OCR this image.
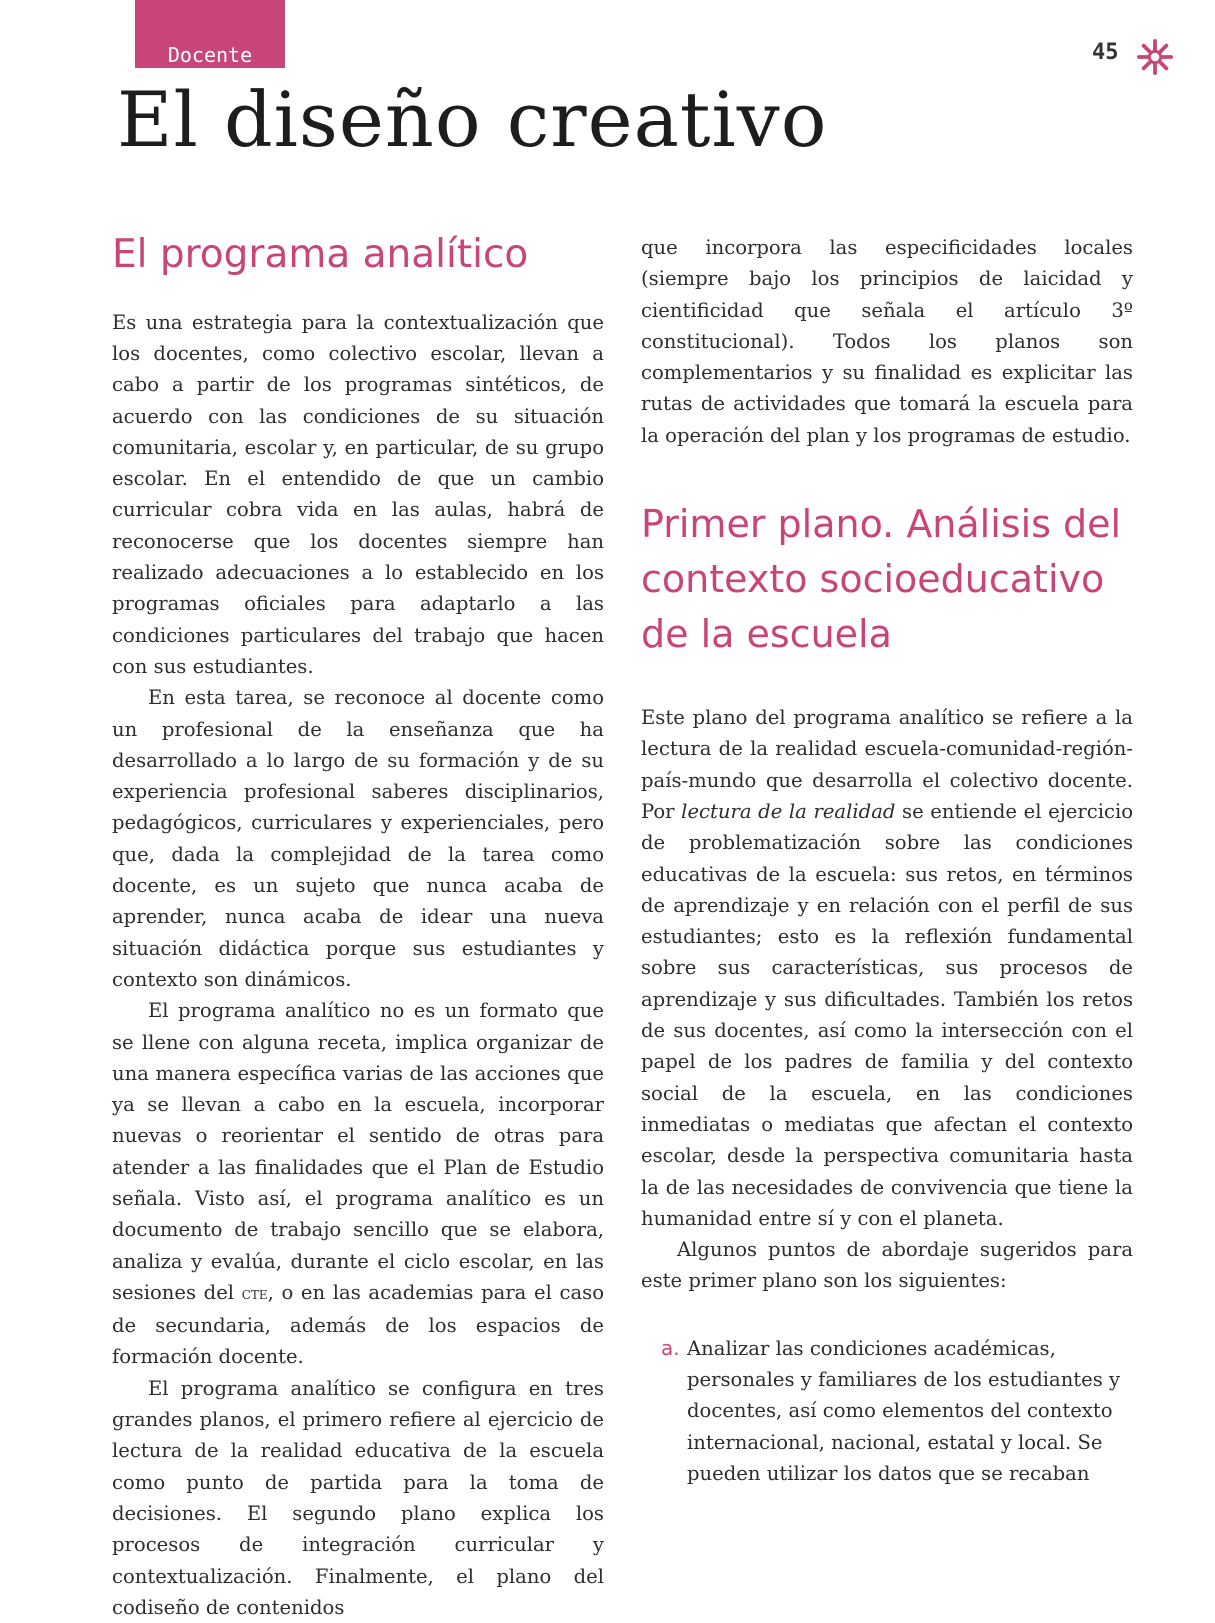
Docente	45
El diseño creativo
El programa analítico

Es una estrategia para la contextualización que los docentes, como colectivo escolar, llevan a cabo a partir de los programas sintéticos, de acuerdo con las condiciones de su situación comunitaria, escolar y, en particular, de su grupo escolar. En el entendido de que un cambio curricular cobra vida en las aulas, habrá de reconocerse que los docentes siempre han realizado adecuaciones a lo establecido en los programas oficiales para adaptarlo a las condiciones particulares del trabajo que hacen con sus estudiantes.

En esta tarea, se reconoce al docente como un profesional de la enseñanza que ha desarrollado a lo largo de su formación y de su experiencia profesional saberes disciplinarios, pedagógicos, curriculares y experienciales, pero que, dada la complejidad de la tarea como docente, es un sujeto que nunca acaba de aprender, nunca acaba de idear una nueva situación didáctica porque sus estudiantes y contexto son dinámicos.

El programa analítico no es un formato que se llene con alguna receta, implica organizar de una manera específica varias de las acciones que ya se llevan a cabo en la escuela, incorporar nuevas o reorientar el sentido de otras para atender a las finalidades que el Plan de Estudio señala. Visto así, el programa analítico es un documento de trabajo sencillo que se elabora, analiza y evalúa, durante el ciclo escolar, en las sesiones del cte, o en las academias para el caso de secundaria, además de los espacios de formación docente.

El programa analítico se configura en tres grandes planos, el primero refiere al ejercicio de lectura de la realidad educativa de la escuela como punto de partida para la toma de decisiones. El segundo plano explica los procesos de integración curricular y contextualización. Finalmente, el plano del codiseño de contenidos

que incorpora las especificidades locales (siempre bajo los principios de laicidad y cientificidad que señala el artículo 3º constitucional). Todos los planos son complementarios y su finalidad es explicitar las rutas de actividades que tomará la escuela para la operación del plan y los programas de estudio.

Primer plano. Análisis del contexto socioeducativo de la escuela

Este plano del programa analítico se refiere a la lectura de la realidad escuela-comunidad-región-país-mundo que desarrolla el colectivo docente. Por lectura de la realidad se entiende el ejercicio de problematización sobre las condiciones educativas de la escuela: sus retos, en términos de aprendizaje y en relación con el perfil de sus estudiantes; esto es la reflexión fundamental sobre sus características, sus procesos de aprendizaje y sus dificultades. También los retos de sus docentes, así como la intersección con el papel de los padres de familia y del contexto social de la escuela, en las condiciones inmediatas o mediatas que afectan el contexto escolar, desde la perspectiva comunitaria hasta la de las necesidades de convivencia que tiene la humanidad entre sí y con el planeta.

Algunos puntos de abordaje sugeridos para este primer plano son los siguientes:

a. Analizar las condiciones académicas, personales y familiares de los estudiantes y docentes, así como elementos del contexto internacional, nacional, estatal y local. Se pueden utilizar los datos que se recaban
